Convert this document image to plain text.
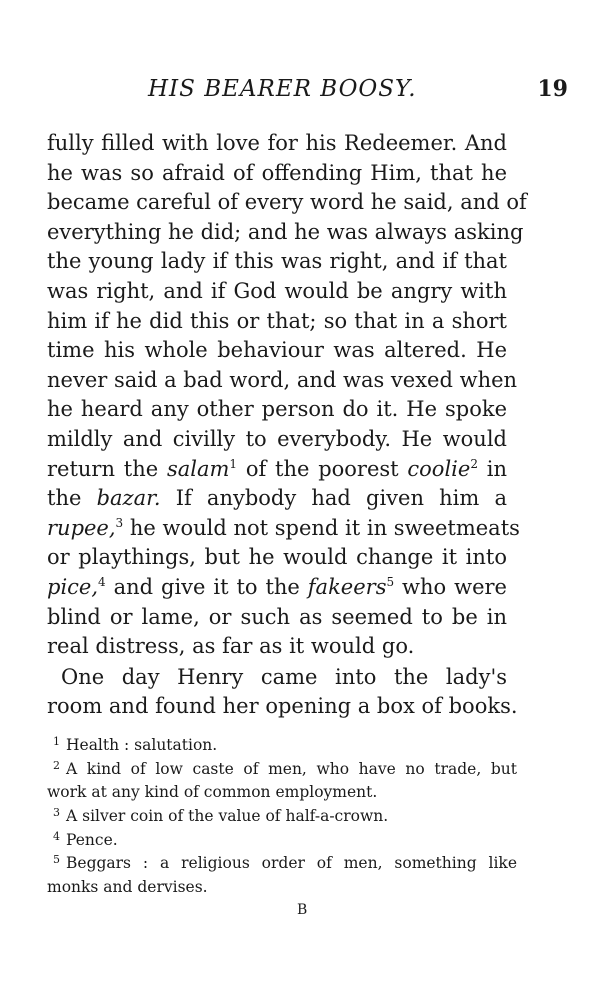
HIS BEARER BOOSY.	19
fully filled with love for his Redeemer. And
he was so afraid of offending Him, that he
became careful of every word he said, and of
everything he did; and he was always asking
the young lady if this was right, and if that
was right, and if God would be angry with
him if he did this or that; so that in a short
time his whole behaviour was altered. He
never said a bad word, and was vexed when
he heard any other person do it. He spoke
mildly and civilly to everybody. He would
return the salam$^1$ of the poorest coolie$^2$ in
the bazar. If anybody had given him a
rupee,$^3$ he would not spend it in sweetmeats
or playthings, but he would change it into
pice,$^4$ and give it to the fakeers$^5$ who were
blind or lame, or such as seemed to be in
real distress, as far as it would go.
One day Henry came into the lady's
room and found her opening a box of books.
$^1$ Health : salutation.
$^2$ A kind of low caste of men, who have no trade, but
work at any kind of common employment.
$^3$ A silver coin of the value of half-a-crown.
$^4$ Pence.
$^5$ Beggars : a religious order of men, something like
monks and dervises.
B
